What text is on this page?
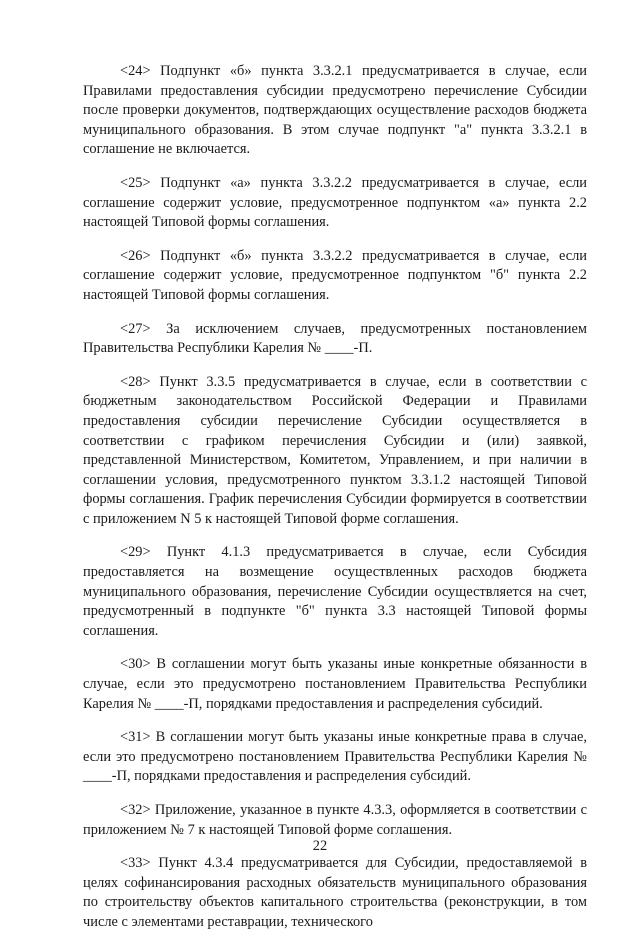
<24> Подпункт «б» пункта 3.3.2.1 предусматривается в случае, если Правилами предоставления субсидии предусмотрено перечисление Субсидии после проверки документов, подтверждающих осуществление расходов бюджета муниципального образования. В этом случае подпункт "а" пункта 3.3.2.1 в соглашение не включается.

<25> Подпункт «а» пункта 3.3.2.2 предусматривается в случае, если соглашение содержит условие, предусмотренное подпунктом «а» пункта 2.2 настоящей Типовой формы соглашения.

<26> Подпункт «б» пункта 3.3.2.2 предусматривается в случае, если соглашение содержит условие, предусмотренное подпунктом "б" пункта 2.2 настоящей Типовой формы соглашения.

<27> За исключением случаев, предусмотренных постановлением Правительства Республики Карелия № ____-П.

<28> Пункт 3.3.5 предусматривается в случае, если в соответствии с бюджетным законодательством Российской Федерации и Правилами предоставления субсидии перечисление Субсидии осуществляется в соответствии с графиком перечисления Субсидии и (или) заявкой, представленной Министерством, Комитетом, Управлением, и при наличии в соглашении условия, предусмотренного пунктом 3.3.1.2 настоящей Типовой формы соглашения. График перечисления Субсидии формируется в соответствии с приложением N 5 к настоящей Типовой форме соглашения.

<29> Пункт 4.1.3 предусматривается в случае, если Субсидия предоставляется на возмещение осуществленных расходов бюджета муниципального образования, перечисление Субсидии осуществляется на счет, предусмотренный в подпункте "б" пункта 3.3 настоящей Типовой формы соглашения.

<30> В соглашении могут быть указаны иные конкретные обязанности в случае, если это предусмотрено постановлением Правительства Республики Карелия № ____-П, порядками предоставления и распределения субсидий.

<31> В соглашении могут быть указаны иные конкретные права в случае, если это предусмотрено постановлением Правительства Республики Карелия № ____-П, порядками предоставления и распределения субсидий.

<32> Приложение, указанное в пункте 4.3.3, оформляется в соответствии с приложением № 7 к настоящей Типовой форме соглашения.

<33> Пункт 4.3.4 предусматривается для Субсидии, предоставляемой в целях софинансирования расходных обязательств муниципального образования по строительству объектов капитального строительства (реконструкции, в том числе с элементами реставрации, технического

22
